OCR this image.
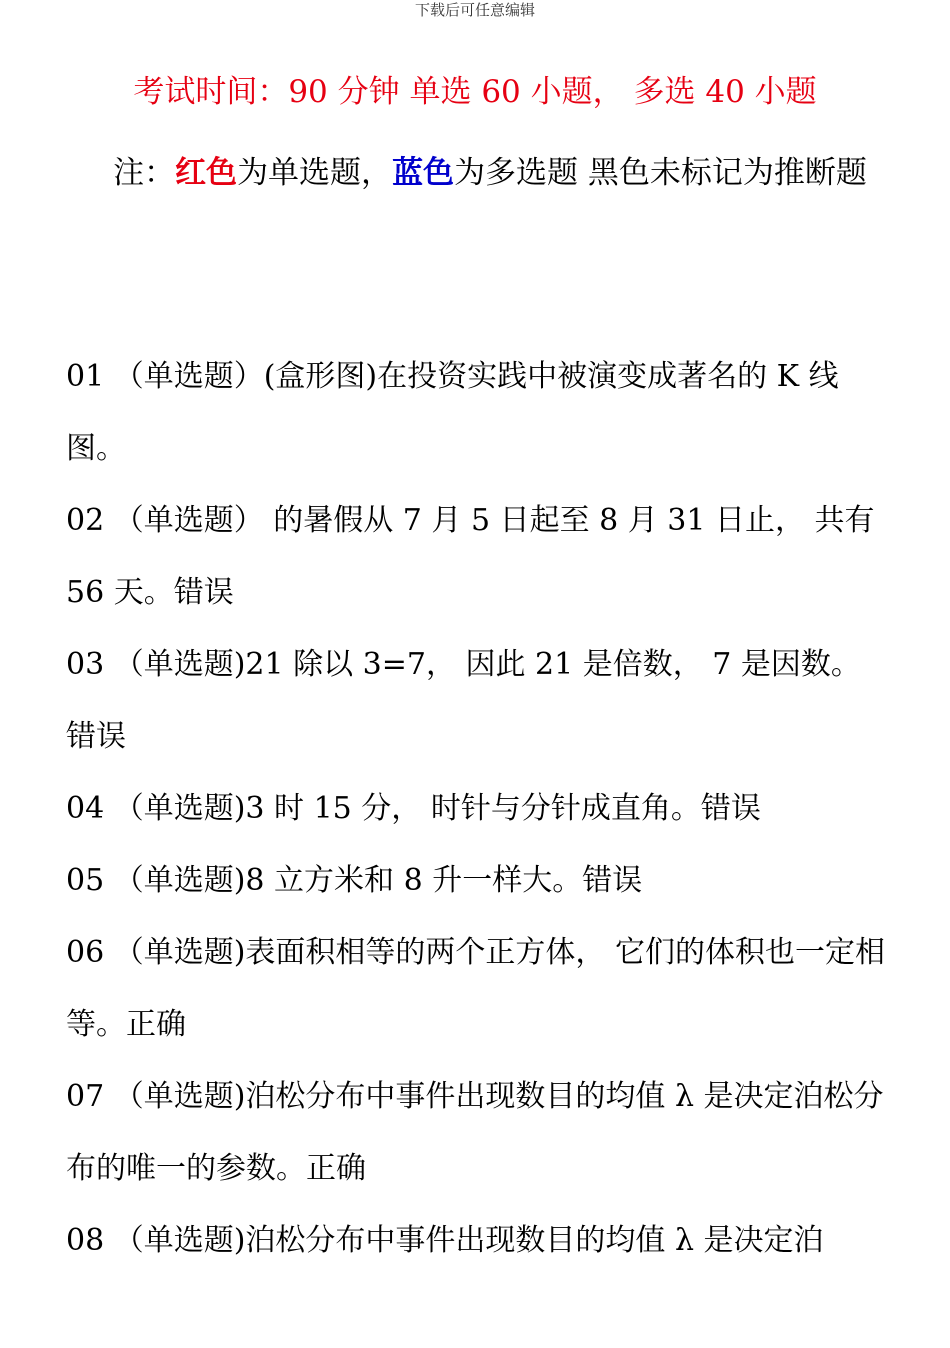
下载后可任意编辑
考试时间：90 分钟 单选 60 小题， 多选 40 小题
注：红色为单选题，蓝色为多选题 黑色未标记为推断题

01 （单选题）(盒形图)在投资实践中被演变成著名的 K 线图。

02 （单选题） 的暑假从 7 月 5 日起至 8 月 31 日止， 共有 56 天。错误

03 （单选题)21 除以 3=7， 因此 21 是倍数， 7 是因数。错误

04 （单选题)3 时 15 分， 时针与分针成直角。错误

05 （单选题)8 立方米和 8 升一样大。错误

06 （单选题)表面积相等的两个正方体， 它们的体积也一定相等。正确

07 （单选题)泊松分布中事件出现数目的均值 λ 是决定泊松分布的唯一的参数。正确

08 （单选题)泊松分布中事件出现数目的均值 λ 是决定泊
